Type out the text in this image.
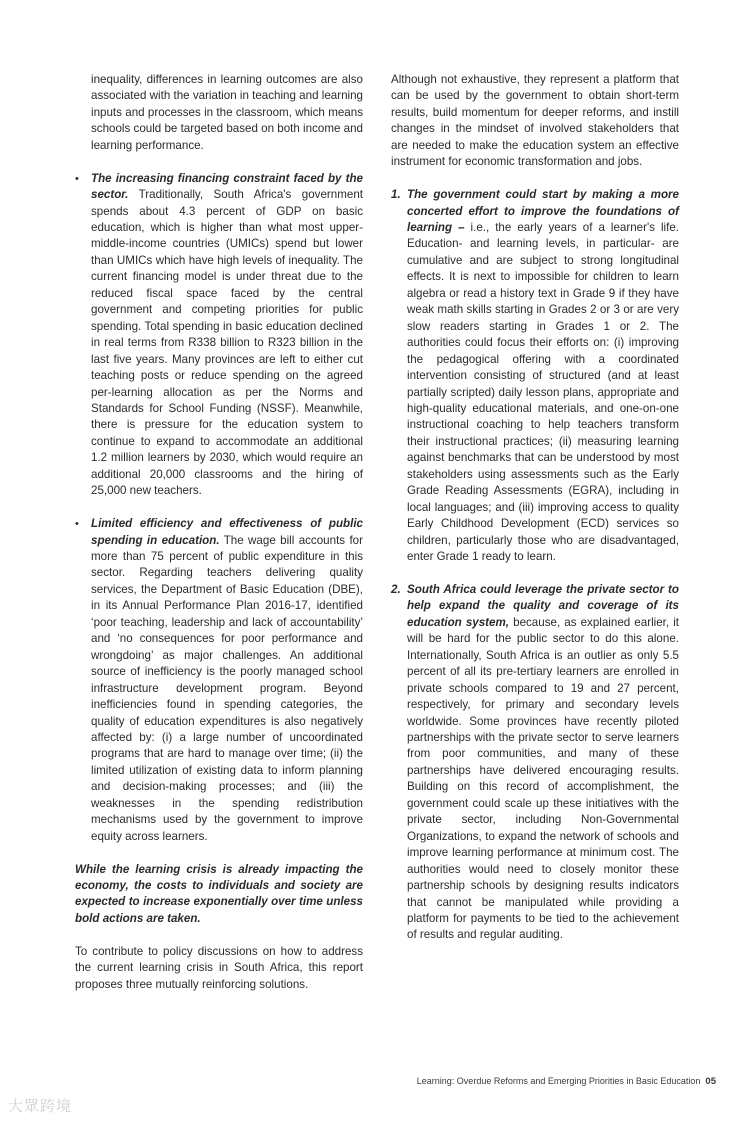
inequality, differences in learning outcomes are also associated with the variation in teaching and learning inputs and processes in the classroom, which means schools could be targeted based on both income and learning performance.

• The increasing financing constraint faced by the sector. Traditionally, South Africa's government spends about 4.3 percent of GDP on basic education, which is higher than what most upper-middle-income countries (UMICs) spend but lower than UMICs which have high levels of inequality. The current financing model is under threat due to the reduced fiscal space faced by the central government and competing priorities for public spending. Total spending in basic education declined in real terms from R338 billion to R323 billion in the last five years. Many provinces are left to either cut teaching posts or reduce spending on the agreed per-learning allocation as per the Norms and Standards for School Funding (NSSF). Meanwhile, there is pressure for the education system to continue to expand to accommodate an additional 1.2 million learners by 2030, which would require an additional 20,000 classrooms and the hiring of 25,000 new teachers.
• Limited efficiency and effectiveness of public spending in education. The wage bill accounts for more than 75 percent of public expenditure in this sector. Regarding teachers delivering quality services, the Department of Basic Education (DBE), in its Annual Performance Plan 2016-17, identified ‘poor teaching, leadership and lack of accountability’ and ‘no consequences for poor performance and wrongdoing’ as major challenges. An additional source of inefficiency is the poorly managed school infrastructure development program. Beyond inefficiencies found in spending categories, the quality of education expenditures is also negatively affected by: (i) a large number of uncoordinated programs that are hard to manage over time; (ii) the limited utilization of existing data to inform planning and decision-making processes; and (iii) the weaknesses in the spending redistribution mechanisms used by the government to improve equity across learners.

While the learning crisis is already impacting the economy, the costs to individuals and society are expected to increase exponentially over time unless bold actions are taken.

To contribute to policy discussions on how to address the current learning crisis in South Africa, this report proposes three mutually reinforcing solutions.

Although not exhaustive, they represent a platform that can be used by the government to obtain short-term results, build momentum for deeper reforms, and instill changes in the mindset of involved stakeholders that are needed to make the education system an effective instrument for economic transformation and jobs.

1. The government could start by making a more concerted effort to improve the foundations of learning – i.e., the early years of a learner's life. Education- and learning levels, in particular- are cumulative and are subject to strong longitudinal effects. It is next to impossible for children to learn algebra or read a history text in Grade 9 if they have weak math skills starting in Grades 2 or 3 or are very slow readers starting in Grades 1 or 2. The authorities could focus their efforts on: (i) improving the pedagogical offering with a coordinated intervention consisting of structured (and at least partially scripted) daily lesson plans, appropriate and high-quality educational materials, and one-on-one instructional coaching to help teachers transform their instructional practices; (ii) measuring learning against benchmarks that can be understood by most stakeholders using assessments such as the Early Grade Reading Assessments (EGRA), including in local languages; and (iii) improving access to quality Early Childhood Development (ECD) services so children, particularly those who are disadvantaged, enter Grade 1 ready to learn.
2. South Africa could leverage the private sector to help expand the quality and coverage of its education system, because, as explained earlier, it will be hard for the public sector to do this alone. Internationally, South Africa is an outlier as only 5.5 percent of all its pre-tertiary learners are enrolled in private schools compared to 19 and 27 percent, respectively, for primary and secondary levels worldwide. Some provinces have recently piloted partnerships with the private sector to serve learners from poor communities, and many of these partnerships have delivered encouraging results. Building on this record of accomplishment, the government could scale up these initiatives with the private sector, including Non-Governmental Organizations, to expand the network of schools and improve learning performance at minimum cost. The authorities would need to closely monitor these partnership schools by designing results indicators that cannot be manipulated while providing a platform for payments to be tied to the achievement of results and regular auditing.
Learning: Overdue Reforms and Emerging Priorities in Basic Education 05
大眾跨境
